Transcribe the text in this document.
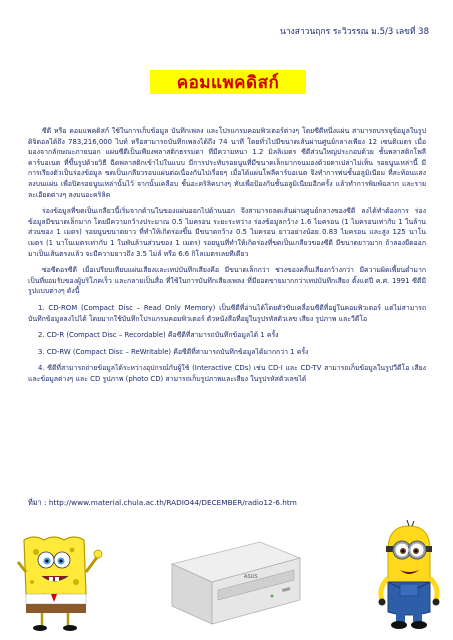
นางสาวนฤกร ระวิวรรณ ม.5/3 เลขที่ 38
คอมแพคดิสก์

ซีดี หรือ คอมแพคดิสก์ ใช้ในการเก็บข้อมูล บันทึกเพลง และโปรแกรมคอมพิวเตอร์ต่างๆ โดยซีดีหนึ่งแผ่น สามารถบรรจุข้อมูลในรูปดิจิตอลได้ถึง 783,216,000 ไบท์ หรือสามารถบันทึกเพลงได้ถึง 74 นาที โดยทั่วไปมีขนาดเส้นผ่านศูนย์กลางเพียง 12 เซนติเมตร เมื่อมองจากลักษณะภายนอก แผ่นซีดีเป็นเพียงพลาสติกธรรมดา ที่มีความหนา 1.2 มิลลิเมตร ซีดีส่วนใหญ่ประกอบด้วย ชั้นพลาสติกโพลีคาร์บอเนต ที่ขึ้นรูปด้วยวิธี ฉีดพลาสติกเข้าไปในแบบ มีการประทับรอยนูนที่มีขนาดเล็กมากจนมองด้วยตาเปล่าไม่เห็น รอยนูนเหล่านี้ มีการเรียงตัวเป็นร่องข้อมูล ขดเป็นเกลียวรอบแผ่นต่อเนื่องกันไปเรื่อยๆ เมื่อได้แผ่นโพลีคาร์บอเนต จึงทำการพ่นชั้นอลูมิเนียม ที่สะท้อนแสงลงบนแผ่น เพื่อปิดรอยนูนเหล่านั้นไว้ จากนั้นเคลือบ ชั้นอะคริลิคบางๆ ทับเพื่อป้องกันชั้นอลูมิเนียมอีกครั้ง แล้วทำการพิมพ์ฉลาก และรายละเอียดต่างๆ ลงบนอะคริลิค

ร่องข้อมูลที่ขดเป็นเกลียวนี้เริ่มจากด้านในของแผ่นออกไปด้านนอก จึงสามารถลดเส้นผ่านศูนย์กลางของซีดี ลงได้ทำต้องการ ร่องข้อมูลมีขนาดเล็กมาก โดยมีความกว้างประมาณ 0.5 ไมครอน ระยะระหว่าง ร่องข้อมูลกว้าง 1.6 ไมครอน (1 ไมครอนเท่ากับ 1 ในล้านส่วนของ 1 เมตร) รอยนูนขนาดยาว ที่ทำให้เกิดร่องขึ้น มีขนาดกว้าง 0.5 ไมครอน ยาวอย่างน้อย 0.83 ไมครอน และสูง 125 นาโนเมตร (1 นาโนเมตรเท่ากับ 1 ในพันล้านส่วนของ 1 เมตร) รอยนูนที่ทำให้เกิดร่องที่ขดเป็นเกลียวของซีดี มีขนาดยาวมาก ถ้าลองยืดออกมาเป็นเส้นตรงแล้ว จะมีความยาวถึง 3.5 ไมล์ หรือ 6.6 กิโลเมตรเลยทีเดียว

ซ่อซีดอรซีดี เมื่อเปรียบเทียบแผ่นเสียงและเทปบันทึกเสียงคือ มีขนาดเล็กกว่า ช่วงของคลื่นเสียงกว้างกว่า มีความผิดเพี้ยนต่ำมาก เป็นที่ยอมรับของผู้บริโภคเร็ว และกลายเป็นสื่อ ที่ใช้ในการบันทึกเสียงเพลง ที่มียอดขายมากกว่าเทปบันทึกเสียง ตั้งแต่ปี ค.ศ. 1991 ซีดีมีรูปแบบต่างๆ ดังนี้

1. CD-ROM (Compact Disc – Read Only Memory) เป็นซีดีที่อ่านได้โดยตัวขับเคลื่อนซีดีที่อยู่ในคอมพิวเตอร์ แต่ไม่สามารถบันทึกข้อมูลลงไปได้ โดยมากใช้บันทึกโปรแกรมคอมพิวเตอร์ ตัวหนังสือที่อยู่ในรูปรหัสตัวเลข เสียง รูปภาพ และวีดีโอ

2. CD-R (Compact Disc – Recordable) คือซีดีที่สามารถบันทึกข้อมูลได้ 1 ครั้ง

3. CD-RW (Compact Disc – ReWritable) คือซีดีที่สามารถบันทึกข้อมูลได้มากกว่า 1 ครั้ง

4. ซีดีที่สามารถถ่ายข้อมูลได้ระหว่างอุปกรณ์กับผู้ใช้ (Interactive CDs) เช่น CD-I และ CD-TV สามารถเก็บข้อมูลในรูปวีดีโอ เสียง และข้อมูลต่างๆ และ CD รูปภาพ (photo CD) สามารถเก็บรูปภาพและเสียง ในรูปรหัสตัวเลขได้

ที่มา : http://www.material.chula.ac.th/RADIO44/DECEMBER/radio12-6.htm
ASUS
